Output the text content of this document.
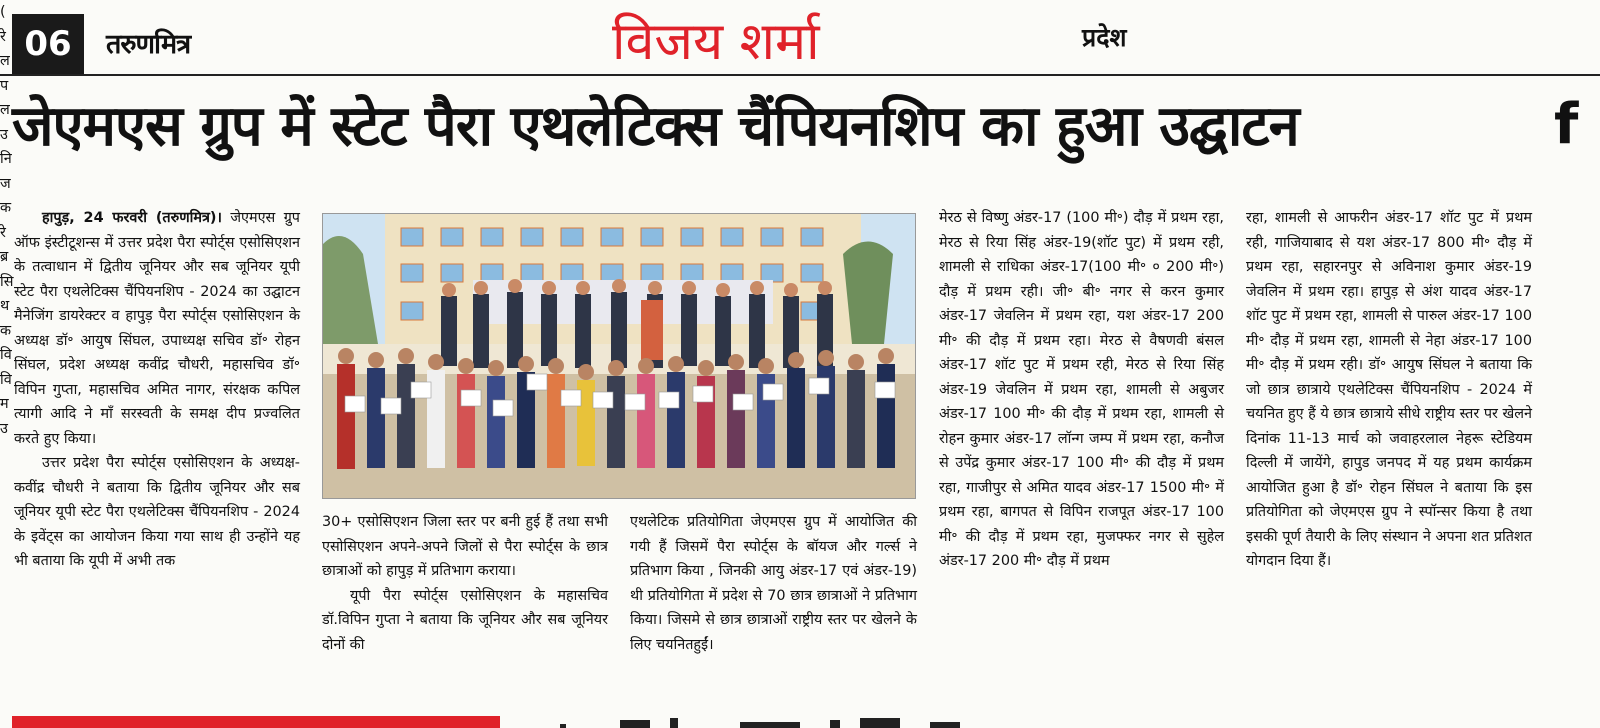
06	तरुणमित्र	विजय शर्मा	प्रदेश
जेएमएस ग्रुप में स्टेट पैरा एथलेटिक्स चैंपियनशिप का हुआ उद्घाटन	f

हापुड़, 24 फरवरी (तरुणमित्र)। जेएमएस ग्रुप ऑफ इंस्टीटूशन्स में उत्तर प्रदेश पैरा स्पोर्ट्स एसोसिएशन के तत्वाधान में द्वितीय जूनियर और सब जूनियर यूपी स्टेट पैरा एथलेटिक्स चैंपियनशिप - 2024 का उद्घाटन मैनेजिंग डायरेक्टर व हापुड़ पैरा स्पोर्ट्स एसोसिएशन के अध्यक्ष डॉ॰ आयुष सिंघल, उपाध्यक्ष सचिव डॉ॰ रोहन सिंघल, प्रदेश अध्यक्ष कवींद्र चौधरी, महासचिव डॉ॰ विपिन गुप्ता, महासचिव अमित नागर, संरक्षक कपिल त्यागी आदि ने माँ सरस्वती के समक्ष दीप प्रज्वलित करते हुए किया।

उत्तर प्रदेश पैरा स्पोर्ट्स एसोसिएशन के अध्यक्ष-कवींद्र चौधरी ने बताया कि द्वितीय जूनियर और सब जूनियर यूपी स्टेट पैरा एथलेटिक्स चैंपियनशिप - 2024 के इवेंट्स का आयोजन किया गया साथ ही उन्होंने यह भी बताया कि यूपी में अभी तक

30+ एसोसिएशन जिला स्तर पर बनी हुई हैं तथा सभी एसोसिएशन अपने-अपने जिलों से पैरा स्पोर्ट्स के छात्र छात्राओं को हापुड़ में प्रतिभाग कराया।

यूपी पैरा स्पोर्ट्स एसोसिएशन के महासचिव डॉ.विपिन गुप्ता ने बताया कि जूनियर और सब जूनियर दोनों की

एथलेटिक प्रतियोगिता जेएमएस ग्रुप में आयोजित की गयी हैं जिसमें पैरा स्पोर्ट्स के बॉयज और गर्ल्स ने प्रतिभाग किया , जिनकी आयु अंडर-17 एवं अंडर-19) थी प्रतियोगिता में प्रदेश से 70 छात्र छात्राओं ने प्रतिभाग किया। जिसमे से छात्र छात्राओं राष्ट्रीय स्तर पर खेलने के लिए चयनितहुईं।

मेरठ से विष्णु अंडर-17 (100 मी॰) दौड़ में प्रथम रहा, मेरठ से रिया सिंह अंडर-19(शॉट पुट) में प्रथम रही, शामली से राधिका अंडर-17(100 मी॰ ० 200 मी॰) दौड़ में प्रथम रही। जी॰ बी॰ नगर से करन कुमार अंडर-17 जेवलिन में प्रथम रहा, यश अंडर-17 200 मी॰ की दौड़ में प्रथम रहा। मेरठ से वैषणवी बंसल अंडर-17 शॉट पुट में प्रथम रही, मेरठ से रिया सिंह अंडर-19 जेवलिन में प्रथम रहा, शामली से अबुजर अंडर-17 100 मी॰ की दौड़ में प्रथम रहा, शामली से रोहन कुमार अंडर-17 लॉन्ग जम्प में प्रथम रहा, कनौज से उपेंद्र कुमार अंडर-17 100 मी॰ की दौड़ में प्रथम रहा, गाजीपुर से अमित यादव अंडर-17 1500 मी॰ में प्रथम रहा, बागपत से विपिन राजपूत अंडर-17 100 मी॰ की दौड़ में प्रथम रहा, मुजफ्फर नगर से सुहेल अंडर-17 200 मी॰ दौड़ में प्रथम

रहा, शामली से आफरीन अंडर-17 शॉट पुट में प्रथम रही, गाजियाबाद से यश अंडर-17 800 मी॰ दौड़ में प्रथम रहा, सहारनपुर से अविनाश कुमार अंडर-19 जेवलिन में प्रथम रहा। हापुड़ से अंश यादव अंडर-17 शॉट पुट में प्रथम रहा, शामली से पारुल अंडर-17 100 मी॰ दौड़ में प्रथम रहा, शामली से नेहा अंडर-17 100 मी॰ दौड़ में प्रथम रही। डॉ॰ आयुष सिंघल ने बताया कि जो छात्र छात्राये एथलेटिक्स चैंपियनशिप - 2024 में चयनित हुए हैं ये छात्र छात्राये सीधे राष्ट्रीय स्तर पर खेलने दिनांक 11-13 मार्च को जवाहरलाल नेहरू स्टेडियम दिल्ली में जायेंगे, हापुड जनपद में यह प्रथम कार्यक्रम आयोजित हुआ है डॉ॰ रोहन सिंघल ने बताया कि इस प्रतियोगिता को जेएमएस ग्रुप ने स्पॉन्सर किया है तथा इसकी पूर्ण तैयारी के लिए संस्थान ने अपना शत प्रतिशत योगदान दिया हैं।

(
रे
ल
प
ल
उ
नि
ज
क
रे
ब्र
सि
थ
क
वि
वि
म
उ
